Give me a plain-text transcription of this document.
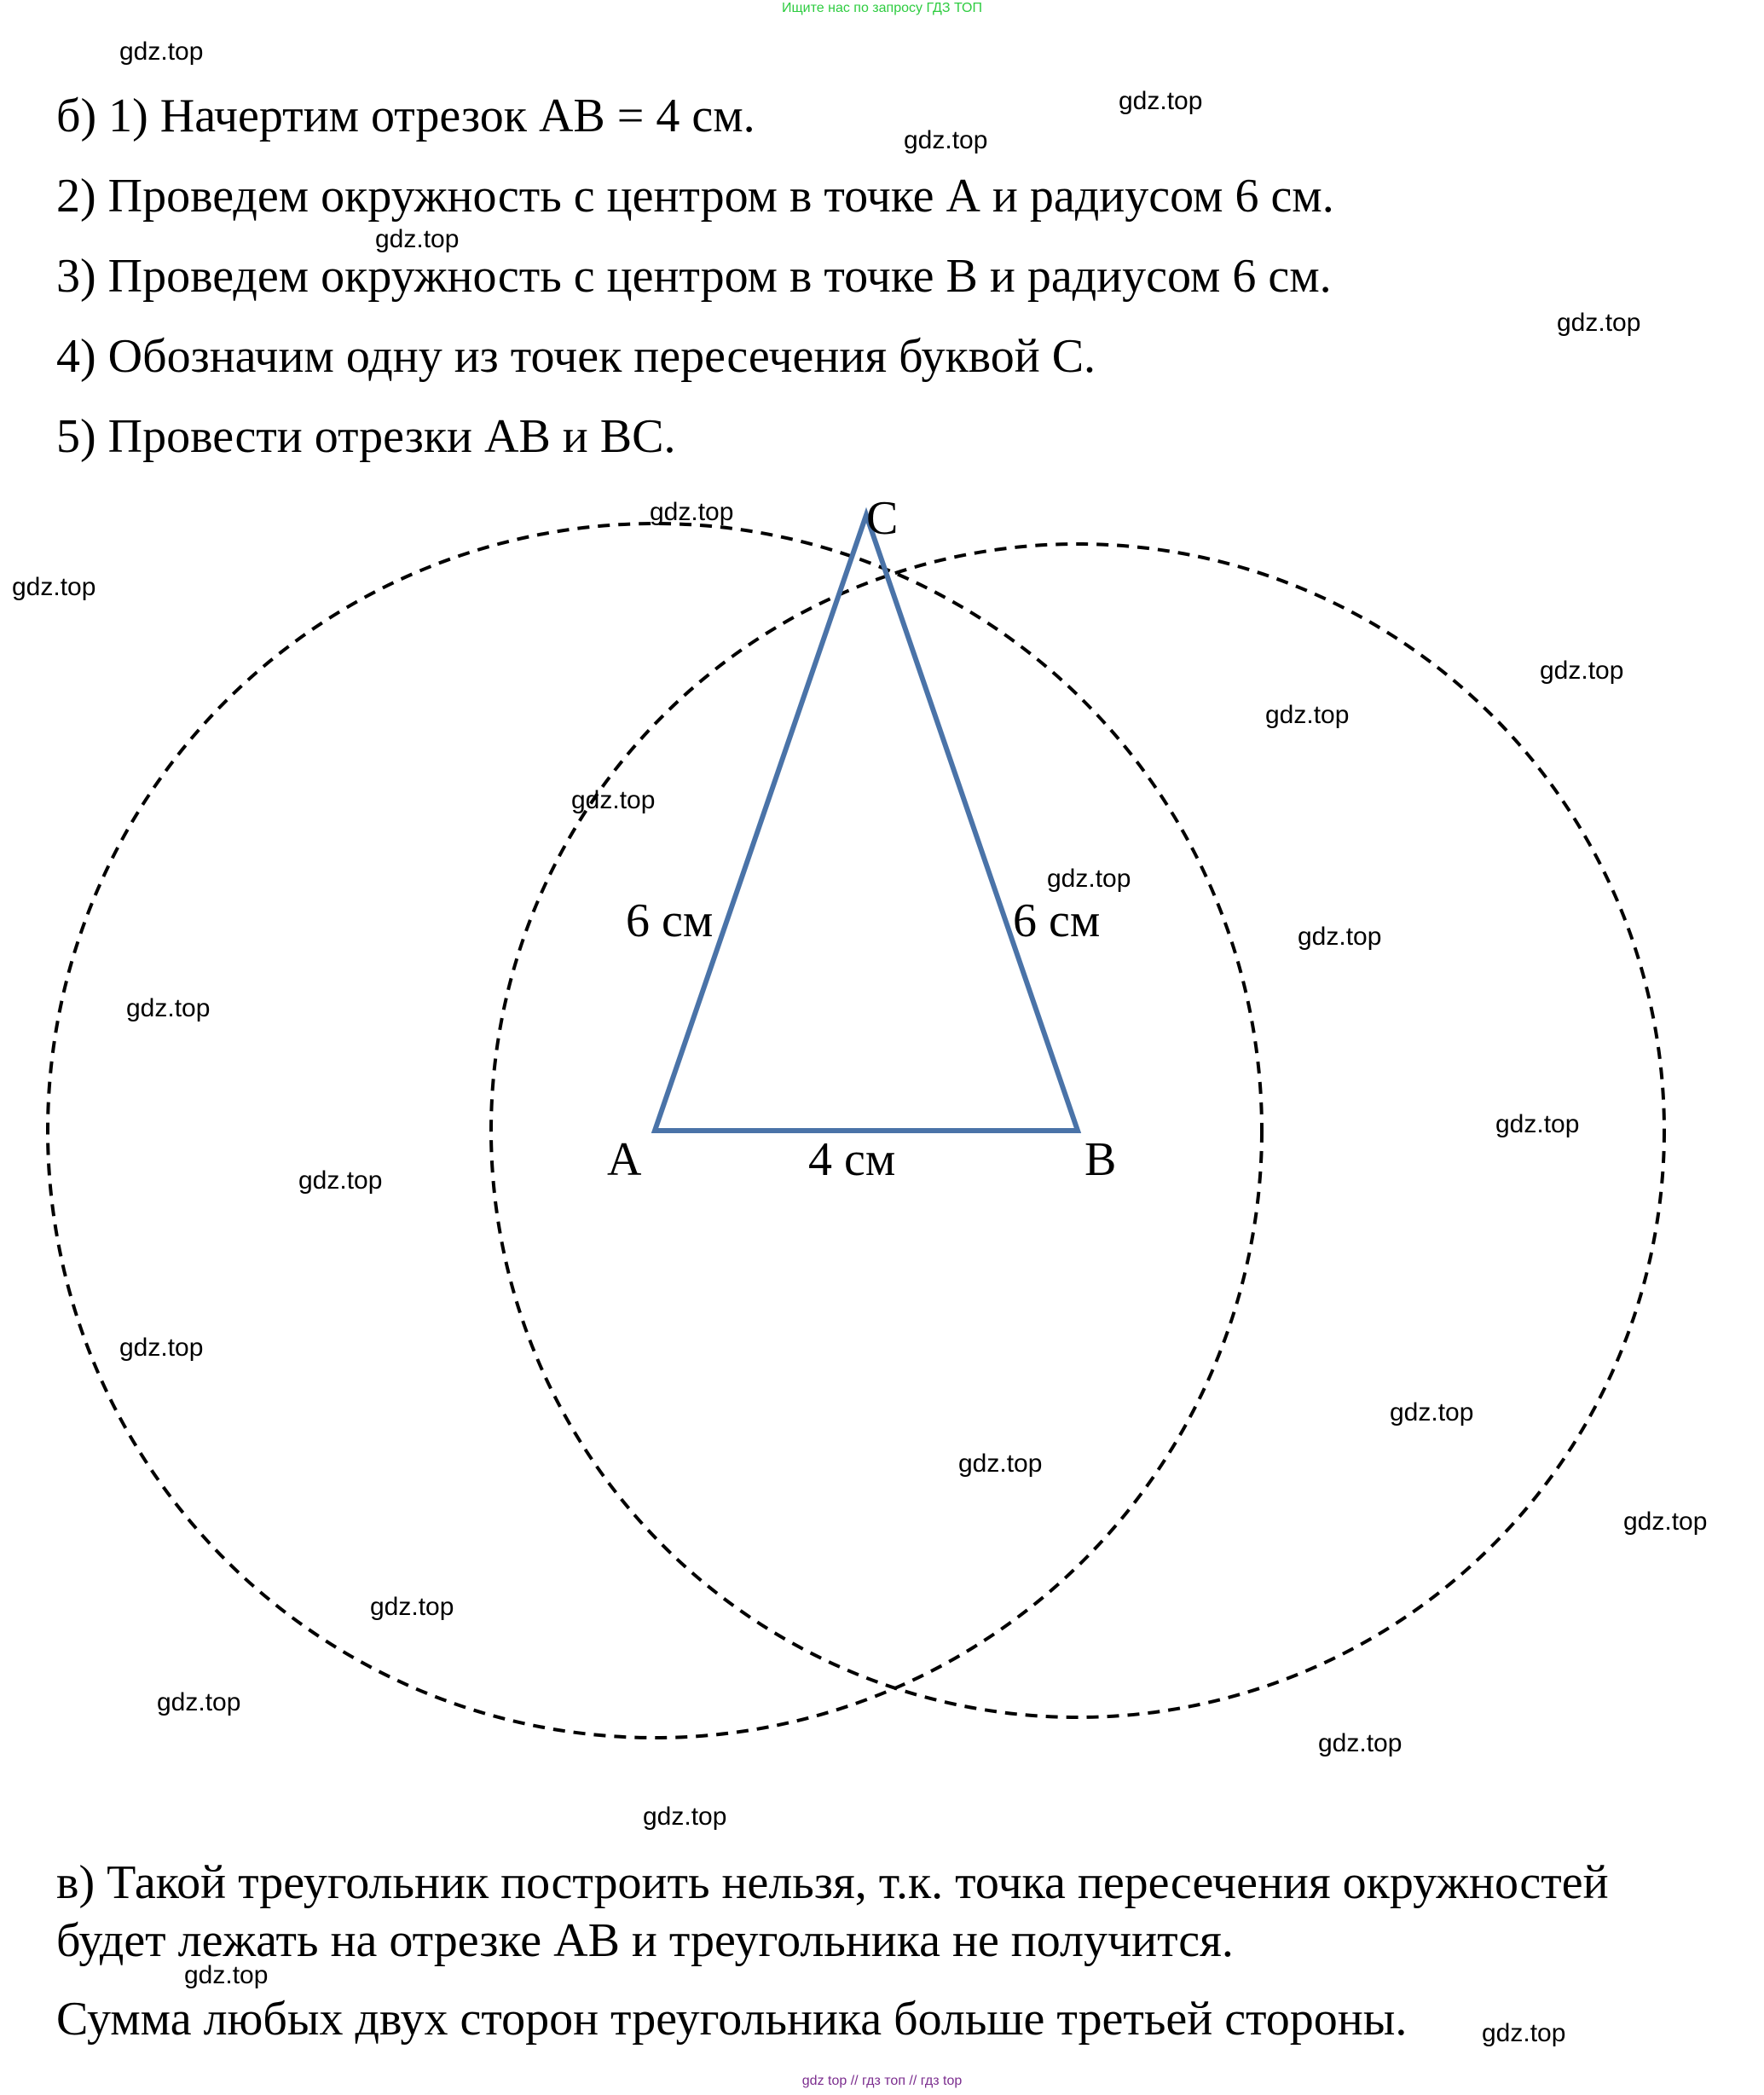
Ищите нас по запросу ГДЗ ТОП
б) 1) Начертим отрезок АВ = 4 см.
2) Проведем окружность с центром в точке А и радиусом 6 см.
3) Проведем окружность с центром в точке В и радиусом 6 см.
4) Обозначим одну из точек пересечения буквой С.
5) Провести отрезки АВ и ВС.
C
A	B
6 см	6 см
4 см
в) Такой треугольник построить нельзя, т.к. точка пересечения окружностей
будет лежать на отрезке АВ и треугольника не получится.
Сумма любых двух сторон треугольника больше третьей стороны.
gdz.top
gdz.top
gdz.top
gdz.top
gdz.top
gdz.top
gdz.top
gdz.top
gdz.top
gdz.top
gdz.top
gdz.top
gdz.top
gdz.top
gdz.top
gdz.top
gdz.top
gdz.top
gdz.top
gdz.top
gdz.top
gdz.top
gdz.top
gdz.top
gdz.top
gdz top // гдз топ // гдз top
